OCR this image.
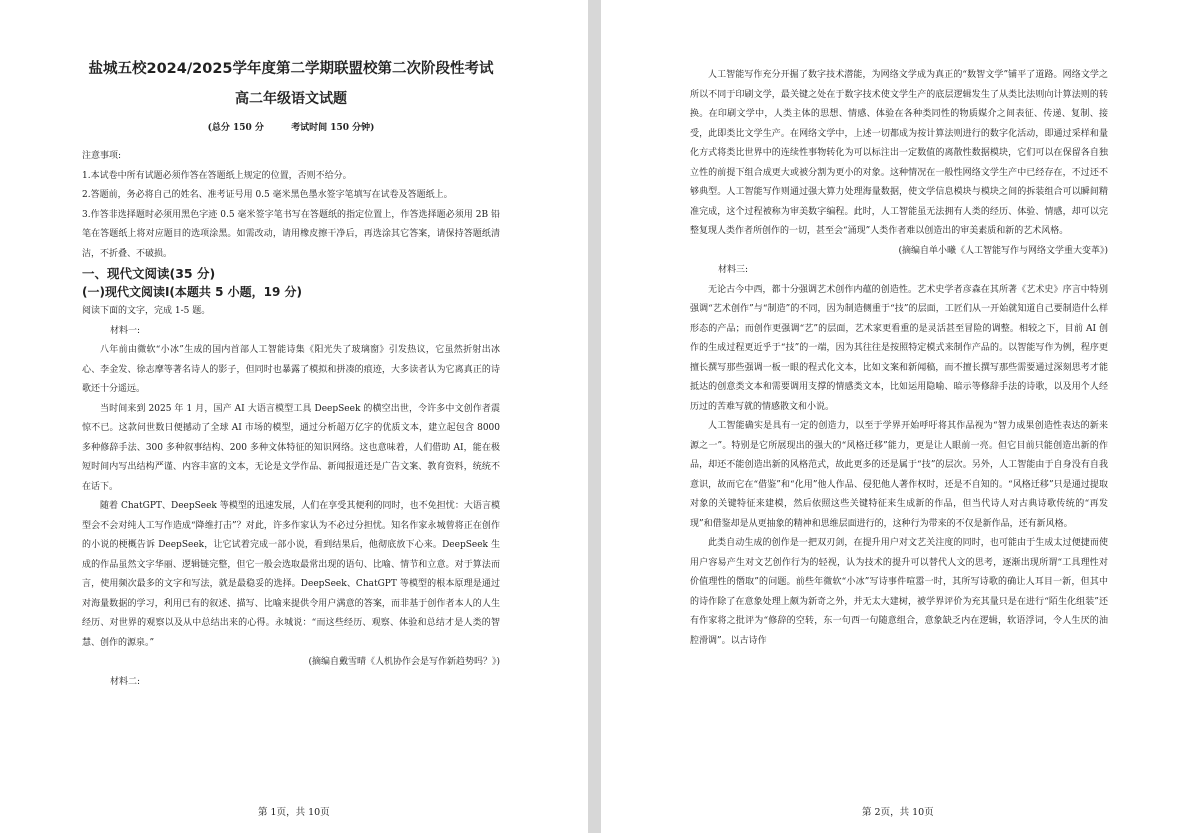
盐城五校2024/2025学年度第二学期联盟校第二次阶段性考试
高二年级语文试题
(总分 150 分	考试时间 150 分钟)

注意事项:

1.本试卷中所有试题必须作答在答题纸上规定的位置，否则不给分。

2.答题前，务必将自己的姓名、准考证号用 0.5 毫米黑色墨水签字笔填写在试卷及答题纸上。

3.作答非选择题时必须用黑色字迹 0.5 毫米签字笔书写在答题纸的指定位置上，作答选择题必须用 2B 铅笔在答题纸上将对应题目的选项涂黑。如需改动，请用橡皮擦干净后，再选涂其它答案，请保持答题纸清洁，不折叠、不破损。

一、现代文阅读(35 分)
(一)现代文阅读Ⅰ(本题共 5 小题，19 分)

阅读下面的文字，完成 1-5 题。

材料一:

八年前由微软“小冰”生成的国内首部人工智能诗集《阳光失了玻璃窗》引发热议，它虽然折射出冰心、李金发、徐志摩等著名诗人的影子，但同时也暴露了模拟和拼凑的痕迹，大多读者认为它离真正的诗歌还十分遥远。

当时间来到 2025 年 1 月，国产 AI 大语言模型工具 DeepSeek 的横空出世，令许多中文创作者震惊不已。这款问世数日便撼动了全球 AI 市场的模型，通过分析超万亿字的优质文本，建立起包含 8000 多种修辞手法、300 多种叙事结构、200 多种文体特征的知识网络。这也意味着，人们借助 AI，能在极短时间内写出结构严谨、内容丰富的文本，无论是文学作品、新闻报道还是广告文案、教育资料，统统不在话下。

随着 ChatGPT、DeepSeek 等模型的迅速发展，人们在享受其便利的同时，也不免担忧：大语言模型会不会对纯人工写作造成“降维打击”？对此，许多作家认为不必过分担忧。知名作家永城曾将正在创作的小说的梗概告诉 DeepSeek，让它试着完成一部小说，看到结果后，他彻底放下心来。DeepSeek 生成的作品虽然文字华丽、逻辑链完整，但它一般会选取最常出现的语句、比喻、情节和立意。对于算法而言，使用频次最多的文字和写法，就是最稳妥的选择。DeepSeek、ChatGPT 等模型的根本原理是通过对海量数据的学习，利用已有的叙述、描写、比喻来提供令用户满意的答案，而非基于创作者本人的人生经历、对世界的观察以及从中总结出来的心得。永城说：“而这些经历、观察、体验和总结才是人类的智慧、创作的源泉。”

(摘编自戴雪晴《人机协作会是写作新趋势吗？》)

材料二:

第 1页，共 10页

人工智能写作充分开掘了数字技术潜能，为网络文学成为真正的“数智文学”铺平了道路。网络文学之所以不同于印刷文学，最关键之处在于数字技术使文学生产的底层逻辑发生了从类比法则向计算法则的转换。在印刷文学中，人类主体的思想、情感、体验在各种类同性的物质媒介之间表征、传递、复制、接受，此即类比文学生产。在网络文学中，上述一切都成为按计算法则进行的数字化活动，即通过采样和量化方式将类比世界中的连续性事物转化为可以标注出一定数值的离散性数据模块，它们可以在保留各自独立性的前提下组合成更大或被分割为更小的对象。这种情况在一般性网络文学生产中已经存在，不过还不够典型。人工智能写作则通过强大算力处理海量数据，使文学信息模块与模块之间的拆装组合可以瞬间精准完成，这个过程被称为审美数字编程。此时，人工智能虽无法拥有人类的经历、体验、情感，却可以完整复现人类作者所创作的一切，甚至会“涌现”人类作者难以创造出的审美素质和新的艺术风格。

(摘编自单小曦《人工智能写作与网络文学重大变革》)

材料三:

无论古今中西，都十分强调艺术创作内蕴的创造性。艺术史学者彦森在其所著《艺术史》序言中特别强调“艺术创作”与“制造”的不同，因为制造侧重于“技”的层面，工匠们从一开始就知道自己要制造什么样形态的产品；而创作更强调“艺”的层面，艺术家更看重的是灵活甚至冒险的调整。相较之下，目前 AI 创作的生成过程更近乎于“技”的一端，因为其往往是按照特定模式来制作产品的。以智能写作为例，程序更擅长撰写那些强调一板一眼的程式化文本，比如文案和新闻稿，而不擅长撰写那些需要通过深刻思考才能抵达的创意类文本和需要调用支撑的情感类文本，比如运用隐喻、暗示等修辞手法的诗歌，以及用个人经历过的苦难写就的情感散文和小说。

人工智能确实是具有一定的创造力，以至于学界开始呼吁将其作品视为“智力成果创造性表达的新来源之一”。特别是它所展现出的强大的“风格迁移”能力，更是让人眼前一亮。但它目前只能创造出新的作品，却还不能创造出新的风格范式，故此更多的还是属于“技”的层次。另外，人工智能由于自身没有自我意识，故而它在“借鉴”和“化用”他人作品、侵犯他人著作权时，还是不自知的。“风格迁移”只是通过提取对象的关键特征来建模，然后依照这些关键特征来生成新的作品，但当代诗人对古典诗歌传统的“再发现”和借鉴却是从更抽象的精神和思维层面进行的，这种行为带来的不仅是新作品，还有新风格。

此类自动生成的创作是一把双刃剑，在提升用户对文艺关注度的同时，也可能由于生成太过便捷而使用户容易产生对文艺创作行为的轻视，认为技术的提升可以替代人文的思考，逐渐出现所谓“工具理性对价值理性的僭取”的问题。前些年微软“小冰”写诗事件喧嚣一时，其所写诗歌的确让人耳目一新，但其中的诗作除了在意象处理上颇为新奇之外，并无太大建树，被学界评价为充其量只是在进行“陌生化组装”还有作家将之批评为“修辞的空转，东一句西一句随意组合，意象缺乏内在逻辑，软语浮词，令人生厌的油腔滑调”。以古诗作

第 2页，共 10页
